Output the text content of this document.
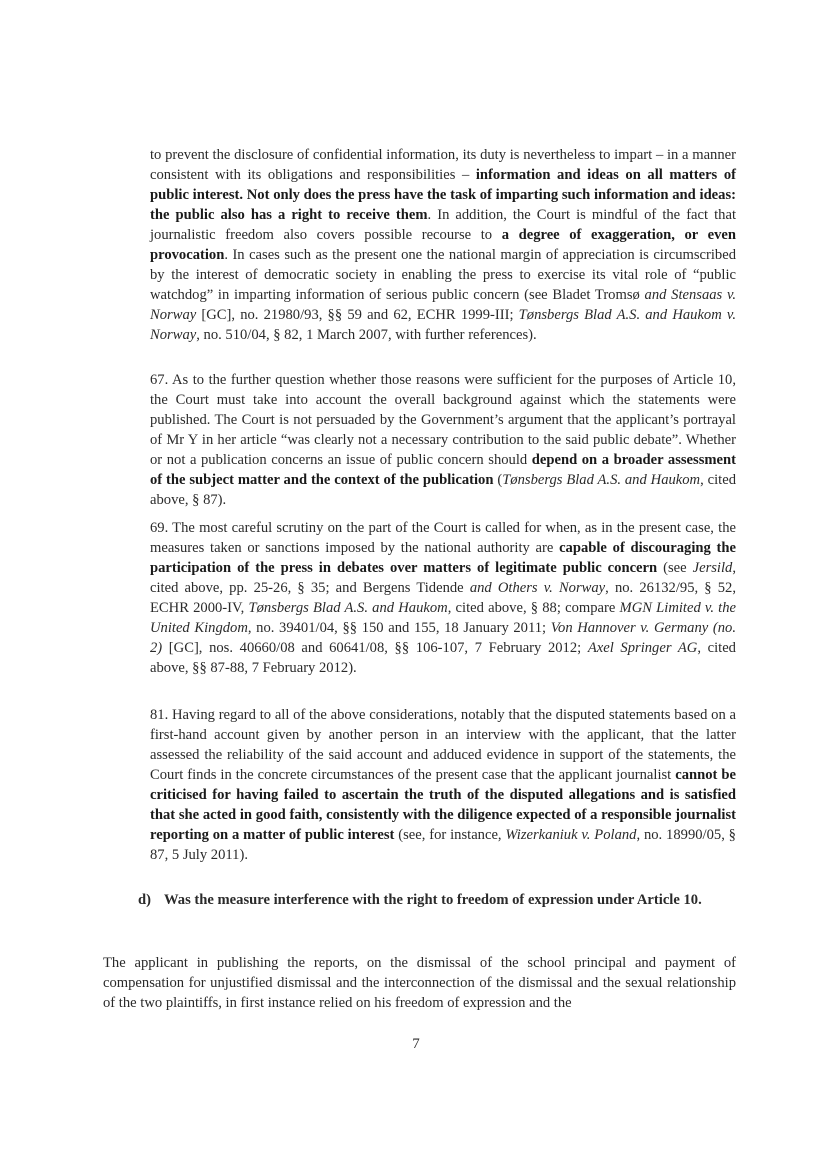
to prevent the disclosure of confidential information, its duty is nevertheless to impart – in a manner consistent with its obligations and responsibilities – information and ideas on all matters of public interest. Not only does the press have the task of imparting such information and ideas: the public also has a right to receive them. In addition, the Court is mindful of the fact that journalistic freedom also covers possible recourse to a degree of exaggeration, or even provocation. In cases such as the present one the national margin of appreciation is circumscribed by the interest of democratic society in enabling the press to exercise its vital role of “public watchdog” in imparting information of serious public concern (see Bladet Tromsø and Stensaas v. Norway [GC], no. 21980/93, §§ 59 and 62, ECHR 1999-III; Tønsbergs Blad A.S. and Haukom v. Norway, no. 510/04, § 82, 1 March 2007, with further references).
67. As to the further question whether those reasons were sufficient for the purposes of Article 10, the Court must take into account the overall background against which the statements were published. The Court is not persuaded by the Government’s argument that the applicant’s portrayal of Mr Y in her article “was clearly not a necessary contribution to the said public debate”. Whether or not a publication concerns an issue of public concern should depend on a broader assessment of the subject matter and the context of the publication (Tønsbergs Blad A.S. and Haukom, cited above, § 87).
69. The most careful scrutiny on the part of the Court is called for when, as in the present case, the measures taken or sanctions imposed by the national authority are capable of discouraging the participation of the press in debates over matters of legitimate public concern (see Jersild, cited above, pp. 25-26, § 35; and Bergens Tidende and Others v. Norway, no. 26132/95, § 52, ECHR 2000-IV, Tønsbergs Blad A.S. and Haukom, cited above, § 88; compare MGN Limited v. the United Kingdom, no. 39401/04, §§ 150 and 155, 18 January 2011; Von Hannover v. Germany (no. 2) [GC], nos. 40660/08 and 60641/08, §§ 106-107, 7 February 2012; Axel Springer AG, cited above, §§ 87-88, 7 February 2012).
81. Having regard to all of the above considerations, notably that the disputed statements based on a first-hand account given by another person in an interview with the applicant, that the latter assessed the reliability of the said account and adduced evidence in support of the statements, the Court finds in the concrete circumstances of the present case that the applicant journalist cannot be criticised for having failed to ascertain the truth of the disputed allegations and is satisfied that she acted in good faith, consistently with the diligence expected of a responsible journalist reporting on a matter of public interest (see, for instance, Wizerkaniuk v. Poland, no. 18990/05, § 87, 5 July 2011).
d) Was the measure interference with the right to freedom of expression under Article 10.
The applicant in publishing the reports, on the dismissal of the school principal and payment of compensation for unjustified dismissal and the interconnection of the dismissal and the sexual relationship of the two plaintiffs, in first instance relied on his freedom of expression and the
7
